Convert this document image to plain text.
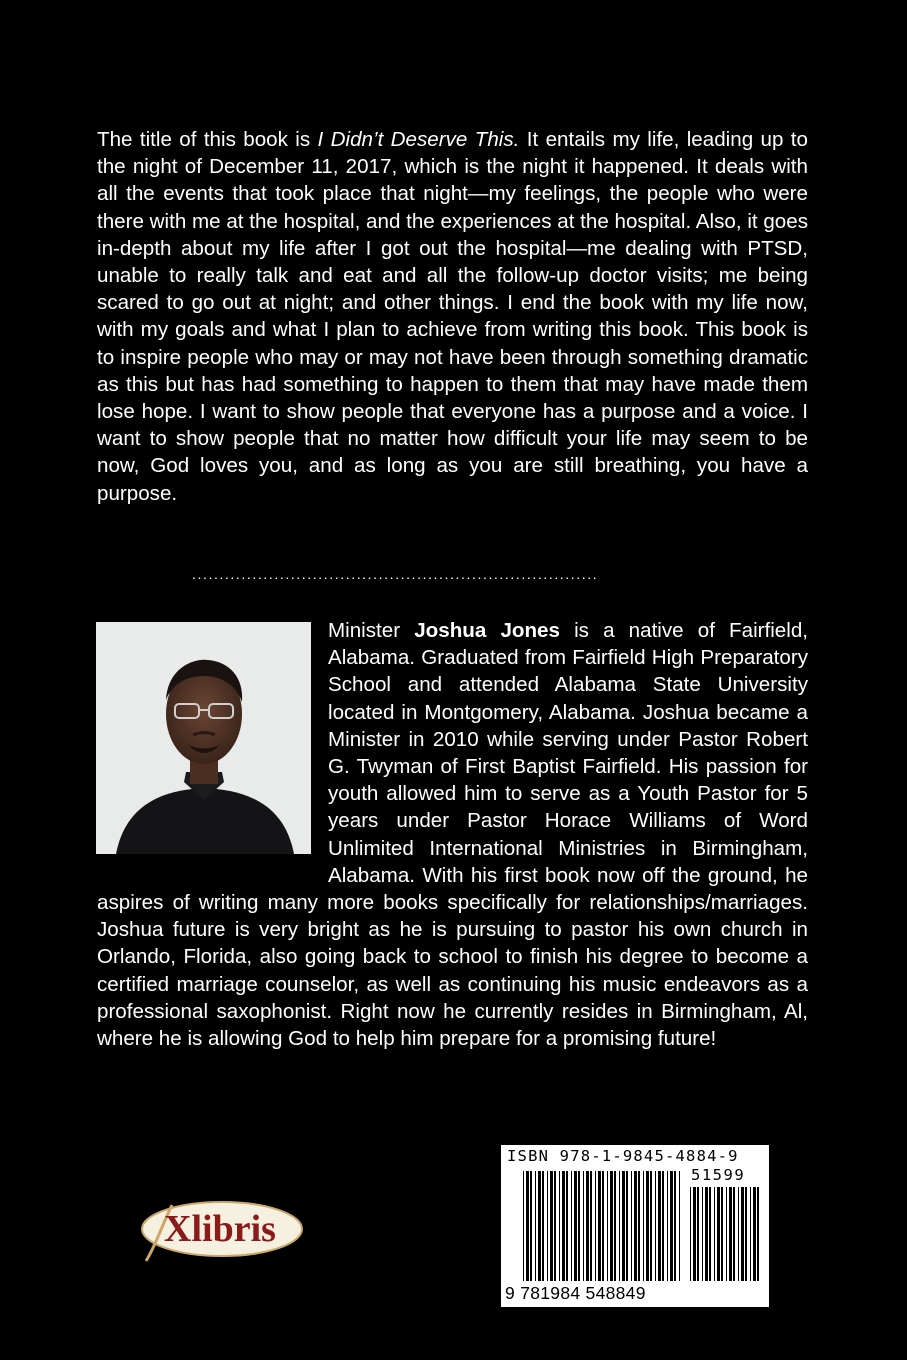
The title of this book is I Didn’t Deserve This. It entails my life, leading up to the night of December 11, 2017, which is the night it happened. It deals with all the events that took place that night—my feelings, the people who were there with me at the hospital, and the experiences at the hospital. Also, it goes in-depth about my life after I got out the hospital—me dealing with PTSD, unable to really talk and eat and all the follow-up doctor visits; me being scared to go out at night; and other things. I end the book with my life now, with my goals and what I plan to achieve from writing this book. This book is to inspire people who may or may not have been through something dramatic as this but has had something to happen to them that may have made them lose hope. I want to show people that everyone has a purpose and a voice. I want to show people that no matter how difficult your life may seem to be now, God loves you, and as long as you are still breathing, you have a purpose.

..........................................................................

Minister Joshua Jones is a native of Fairfield, Alabama. Graduated from Fairfield High Preparatory School and attended Alabama State University located in Montgomery, Alabama. Joshua became a Minister in 2010 while serving under Pastor Robert G. Twyman of First Baptist Fairfield. His passion for youth allowed him to serve as a Youth Pastor for 5 years under Pastor Horace Williams of Word Unlimited International Ministries in Birmingham, Alabama. With his first book now off the ground, he aspires of writing many more books specifically for relationships/marriages. Joshua future is very bright as he is pursuing to pastor his own church in Orlando, Florida, also going back to school to finish his degree to become a certified marriage counselor, as well as continuing his music endeavors as a professional saxophonist. Right now he currently resides in Birmingham, Al, where he is allowing God to help him prepare for a promising future!

Xlibris
ISBN 978-1-9845-4884-9
51599
9 781984 548849
